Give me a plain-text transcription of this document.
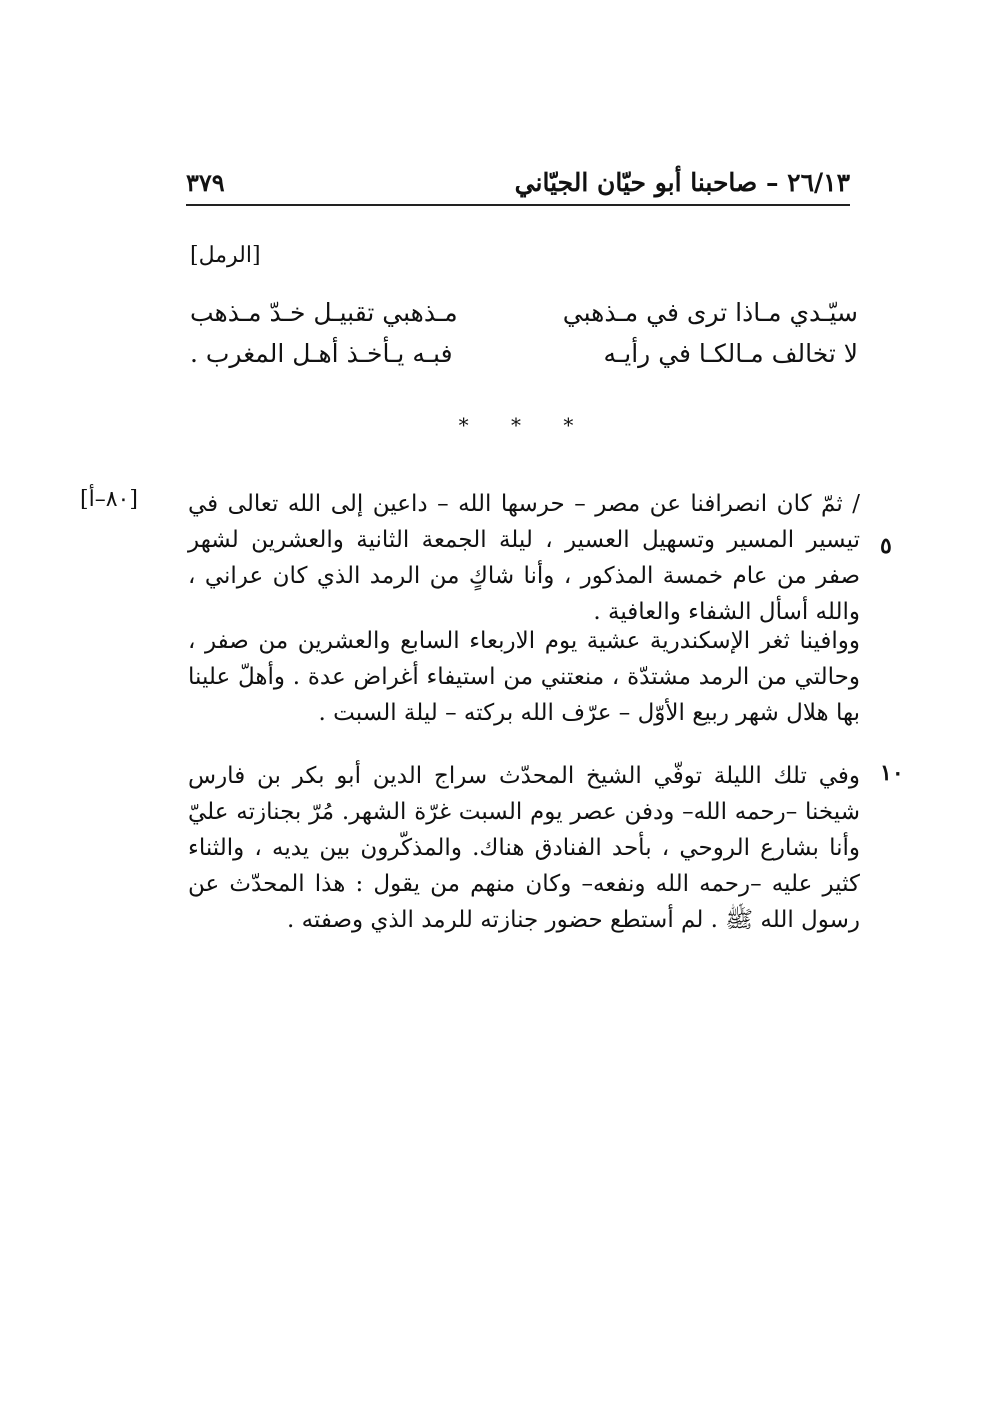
٢٦/١٣ – صاحبنا أبو حيّان الجيّاني
٣٧٩
[الرمل]
سيّـدي مـاذا ترى في مـذهبي
مـذهبي تقبيـل خـدّ مـذهب
لا تخالف مـالكـا في رأيـه
فبـه يـأخـذ أهـل المغرب .
* * *
[٨٠–أ]
٥
١٠

/ ثمّ كان انصرافنا عن مصر – حرسها الله – داعين إلى الله تعالى في تيسير المسير وتسهيل العسير ، ليلة الجمعة الثانية والعشرين لشهر صفر من عام خمسة المذكور ، وأنا شاكٍ من الرمد الذي كان عراني ، والله أسأل الشفاء والعافية .

ووافينا ثغر الإسكندرية عشية يوم الاربعاء السابع والعشرين من صفر ، وحالتي من الرمد مشتدّة ، منعتني من استيفاء أغراض عدة . وأهلّ علينا بها هلال شهر ربيع الأوّل – عرّف الله بركته – ليلة السبت .

وفي تلك الليلة توفّي الشيخ المحدّث سراج الدين أبو بكر بن فارس شيخنا –رحمه الله– ودفن عصر يوم السبت غرّة الشهر. مُرّ بجنازته عليّ وأنا بشارع الروحي ، بأحد الفنادق هناك. والمذكّرون بين يديه ، والثناء كثير عليه –رحمه الله ونفعه– وكان منهم من يقول : هذا المحدّث عن رسول الله ﷺ . لم أستطع حضور جنازته للرمد الذي وصفته .
